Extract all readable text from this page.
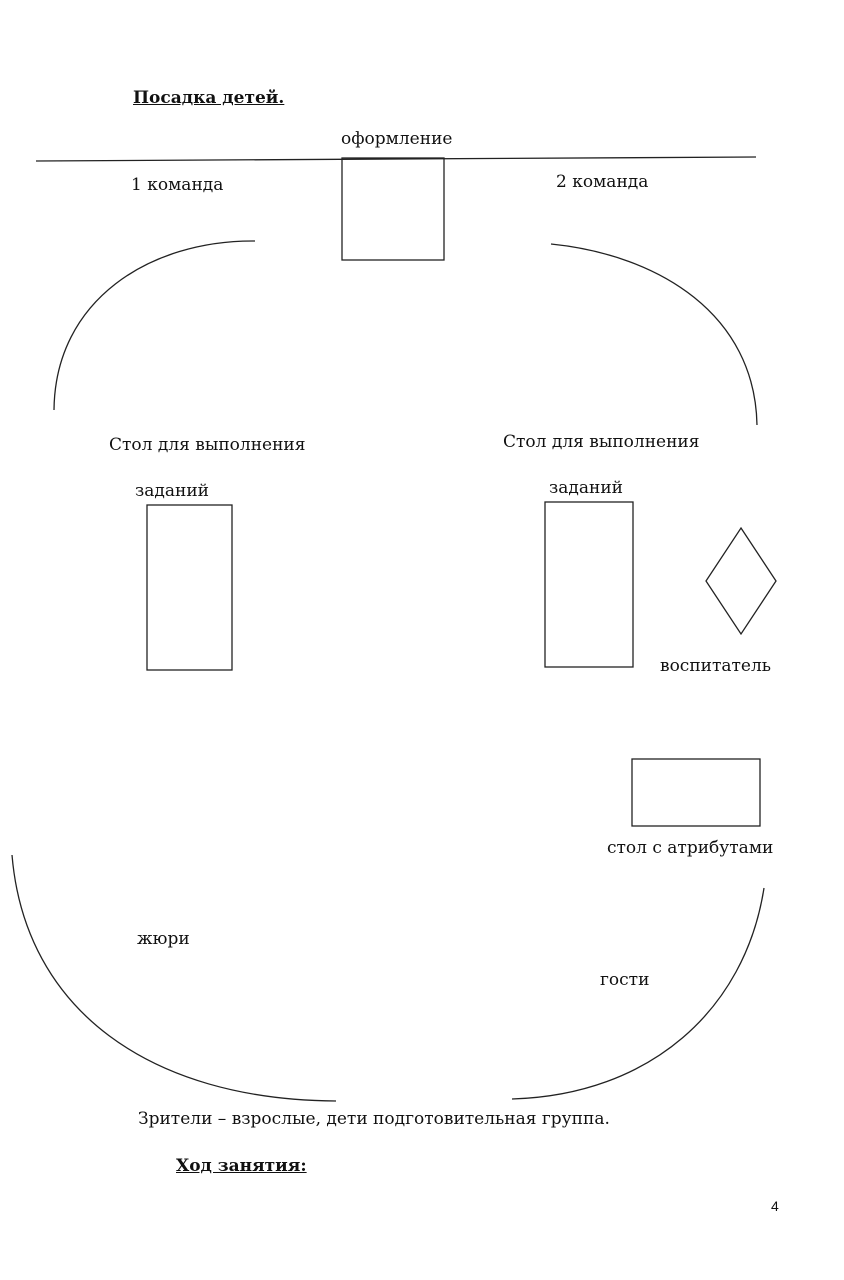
Посадка детей.
оформление
1 команда	2 команда
Стол для выполнения
заданий
Стол для выполнения
заданий
воспитатель
стол с атрибутами
жюри
гости
Зрители – взрослые, дети подготовительная группа.
Ход занятия:
4
